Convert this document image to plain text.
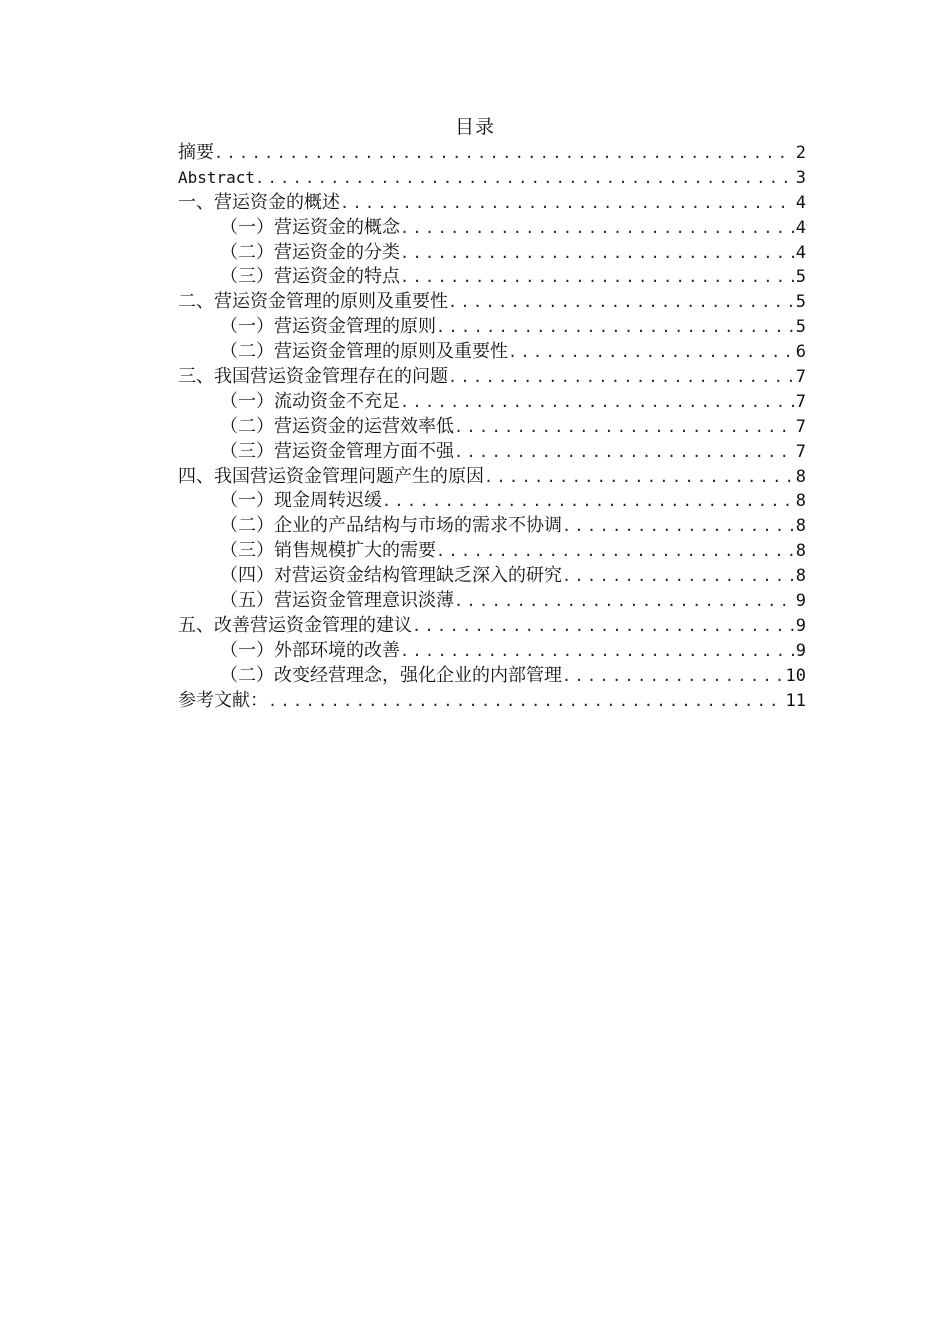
目录
摘要 .....	2
Abstract .....	3
一、营运资金的概述 .....	4
（一）营运资金的概念 .....	4
（二）营运资金的分类 .....	4
（三）营运资金的特点 .....	5
二、营运资金管理的原则及重要性 .....	5
（一）营运资金管理的原则 .....	5
（二）营运资金管理的原则及重要性 .....	6
三、我国营运资金管理存在的问题 .....	7
（一）流动资金不充足 .....	7
（二）营运资金的运营效率低 .....	7
（三）营运资金管理方面不强 .....	7
四、我国营运资金管理问题产生的原因 .....	8
（一）现金周转迟缓 .....	8
（二）企业的产品结构与市场的需求不协调 .....	8
（三）销售规模扩大的需要 .....	8
（四）对营运资金结构管理缺乏深入的研究 .....	8
（五）营运资金管理意识淡薄 .....	9
五、改善营运资金管理的建议 .....	9
（一）外部环境的改善 .....	9
（二）改变经营理念，强化企业的内部管理 .....	10
参考文献： .....	11
